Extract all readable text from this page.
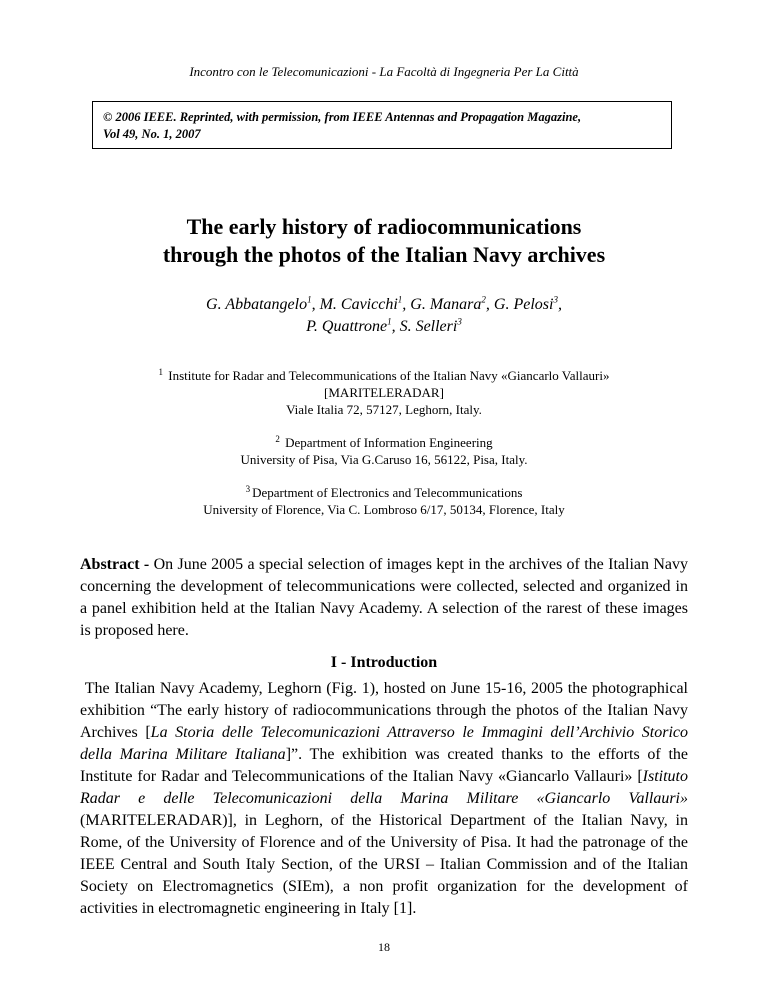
Incontro con le Telecomunicazioni - La Facoltà di Ingegneria Per La Città
© 2006 IEEE. Reprinted, with permission, from IEEE Antennas and Propagation Magazine,
Vol 49, No. 1, 2007
The early history of radiocommunications
through the photos of the Italian Navy archives
G. Abbatangelo$^1$, M. Cavicchi$^1$, G. Manara$^2$, G. Pelosi$^3$,
P. Quattrone$^1$, S. Selleri$^3$
$^1$ Institute for Radar and Telecommunications of the Italian Navy «Giancarlo Vallauri»
[MARITELERADAR]
Viale Italia 72, 57127, Leghorn, Italy.
$^2$ Department of Information Engineering
University of Pisa, Via G.Caruso 16, 56122, Pisa, Italy.
$^3$ Department of Electronics and Telecommunications
University of Florence, Via C. Lombroso 6/17, 50134, Florence, Italy
Abstract - On June 2005 a special selection of images kept in the archives of the Italian Navy concerning the development of telecommunications were collected, selected and organized in a panel exhibition held at the Italian Navy Academy. A selection of the rarest of these images is proposed here.
I - Introduction
The Italian Navy Academy, Leghorn (Fig. 1), hosted on June 15-16, 2005 the photographical exhibition “The early history of radiocommunications through the photos of the Italian Navy Archives [La Storia delle Telecomunicazioni Attraverso le Immagini dell’Archivio Storico della Marina Militare Italiana]”. The exhibition was created thanks to the efforts of the Institute for Radar and Telecommunications of the Italian Navy «Giancarlo Vallauri» [Istituto Radar e delle Telecomunicazioni della Marina Militare «Giancarlo Vallauri» (MARITELERADAR)], in Leghorn, of the Historical Department of the Italian Navy, in Rome, of the University of Florence and of the University of Pisa. It had the patronage of the IEEE Central and South Italy Section, of the URSI – Italian Commission and of the Italian Society on Electromagnetics (SIEm), a non profit organization for the development of activities in electromagnetic engineering in Italy [1].
18
